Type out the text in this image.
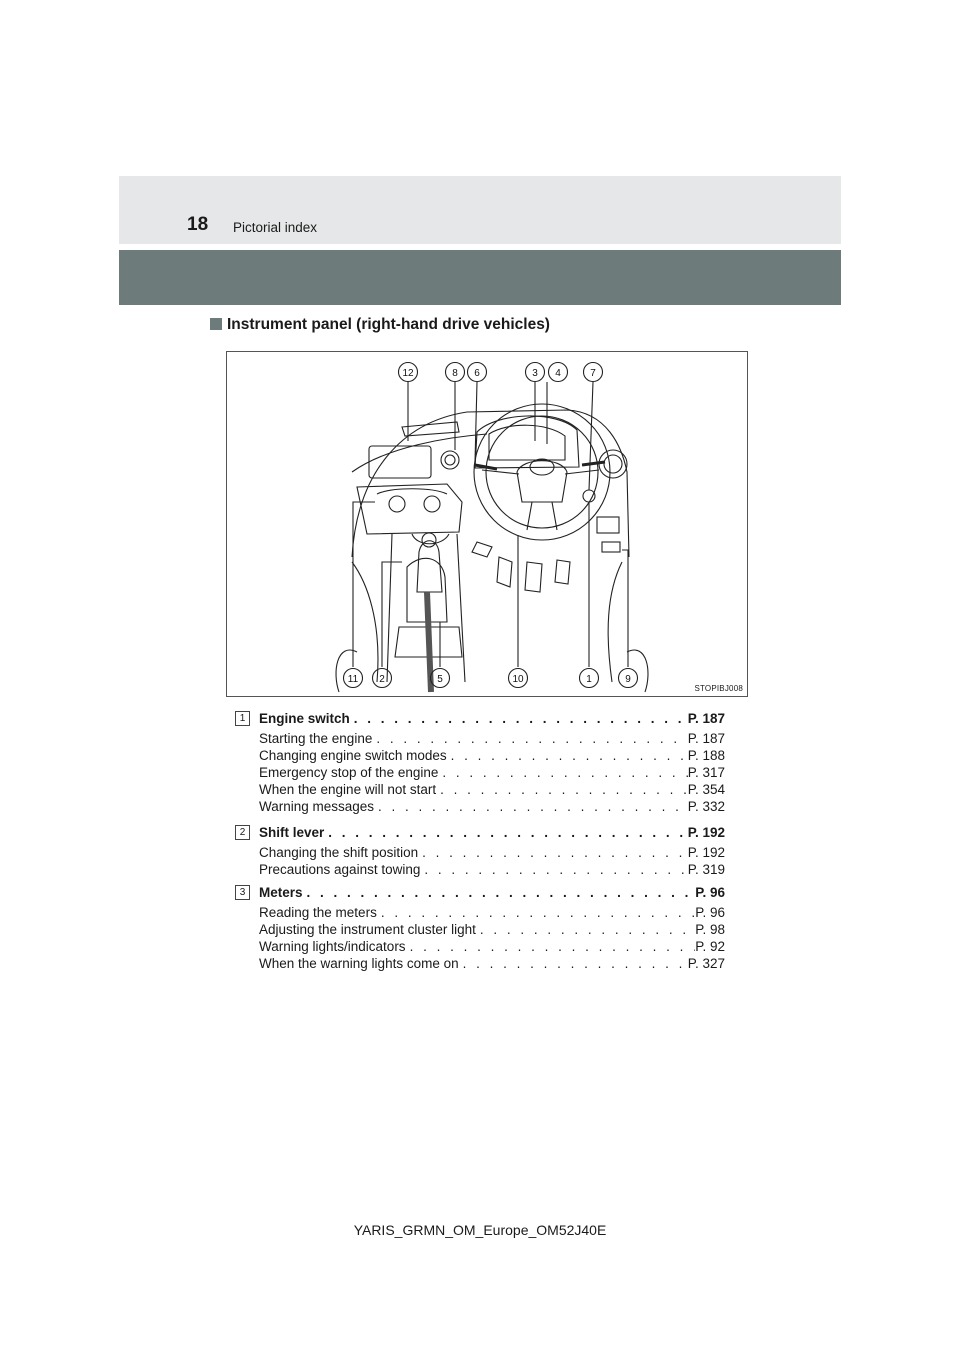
18 Pictorial index
Instrument panel (right-hand drive vehicles)
12	8 6	3 4	7
11 2	5	10	1	9
STOPIBJ008
1	Engine switch . . .	P. 187
Starting the engine . . .	P. 187
Changing engine switch modes . . .	P. 188
Emergency stop of the engine . . .	P. 317
When the engine will not start . . .	P. 354
Warning messages . . .	P. 332
2	Shift lever . . .	P. 192
Changing the shift position . . .	P. 192
Precautions against towing . . .	P. 319
3	Meters . . .	P. 96
Reading the meters . . .	P. 96
Adjusting the instrument cluster light . . .	P. 98
Warning lights/indicators . . .	P. 92
When the warning lights come on . . .	P. 327
YARIS_GRMN_OM_Europe_OM52J40E
